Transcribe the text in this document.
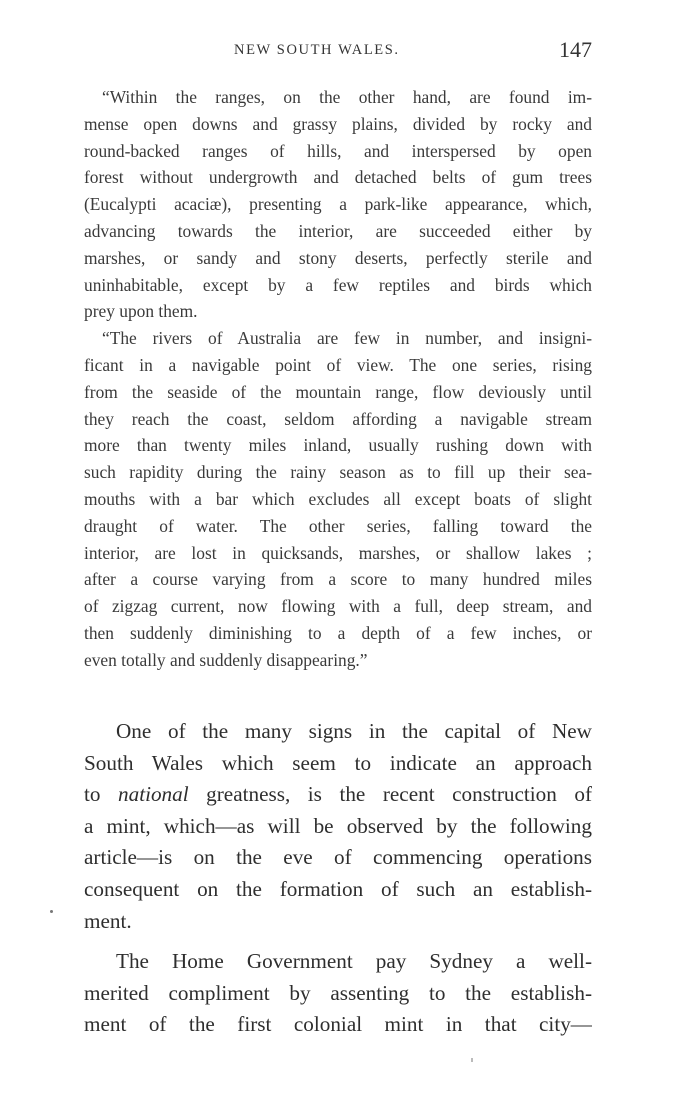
NEW SOUTH WALES.	147
“Within the ranges, on the other hand, are found im-
mense open downs and grassy plains, divided by rocky and
round-backed ranges of hills, and interspersed by open
forest without undergrowth and detached belts of gum trees
(Eucalypti acaciæ), presenting a park-like appearance, which,
advancing towards the interior, are succeeded either by
marshes, or sandy and stony deserts, perfectly sterile and
uninhabitable, except by a few reptiles and birds which
prey upon them.
“The rivers of Australia are few in number, and insigni-
ficant in a navigable point of view. The one series, rising
from the seaside of the mountain range, flow deviously until
they reach the coast, seldom affording a navigable stream
more than twenty miles inland, usually rushing down with
such rapidity during the rainy season as to fill up their sea-
mouths with a bar which excludes all except boats of slight
draught of water. The other series, falling toward the
interior, are lost in quicksands, marshes, or shallow lakes ;
after a course varying from a score to many hundred miles
of zigzag current, now flowing with a full, deep stream, and
then suddenly diminishing to a depth of a few inches, or
even totally and suddenly disappearing.”
One of the many signs in the capital of New
South Wales which seem to indicate an approach
to national greatness, is the recent construction of
a mint, which—as will be observed by the following
article—is on the eve of commencing operations
consequent on the formation of such an establish-
ment.
The Home Government pay Sydney a well-
merited compliment by assenting to the establish-
ment of the first colonial mint in that city—
